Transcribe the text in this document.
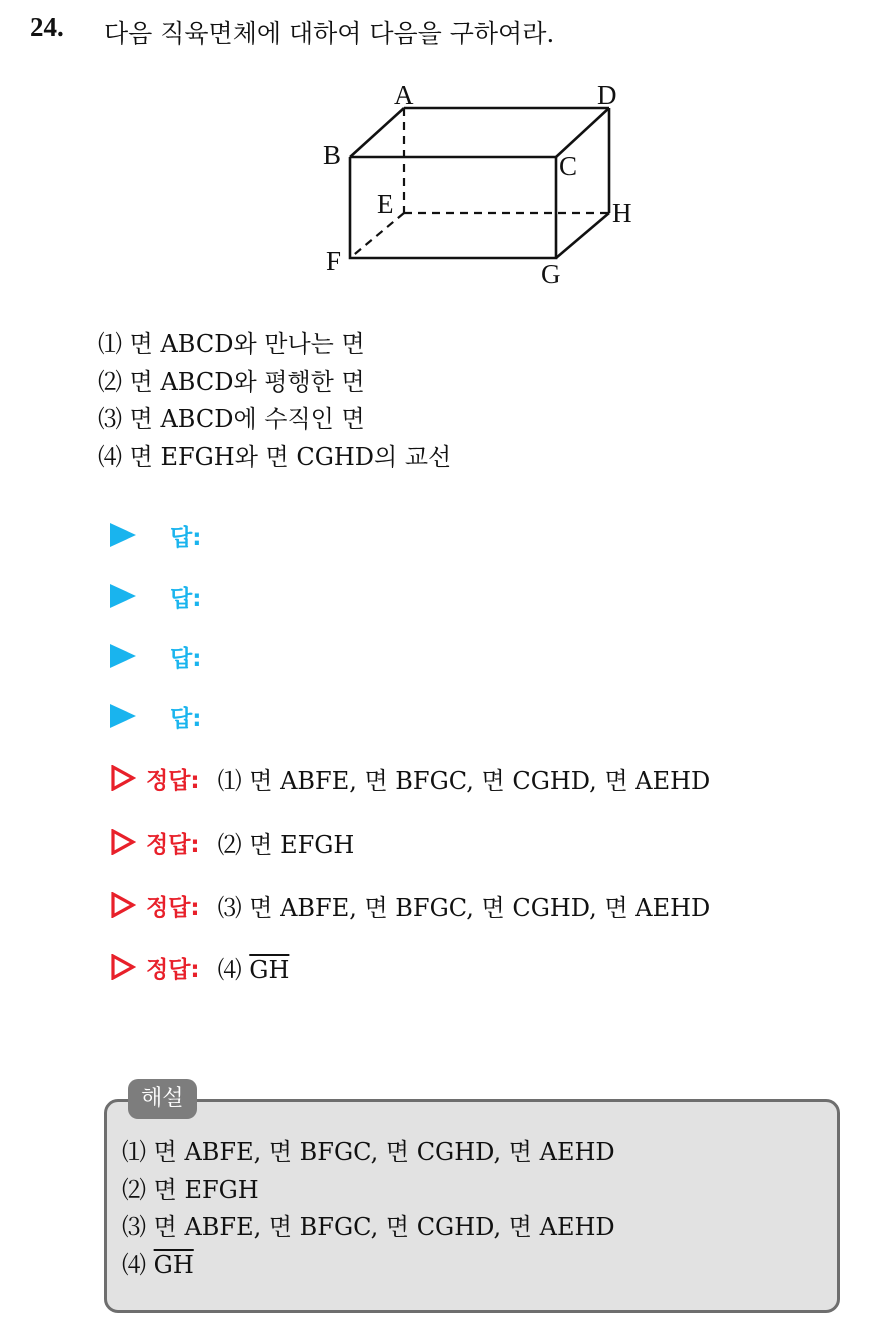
24. 다음 직육면체에 대하여 다음을 구하여라.
A	D
B	C
E	H
F	G
⑴ 면 ABCD와 만나는 면
⑵ 면 ABCD와 평행한 면
⑶ 면 ABCD에 수직인 면
⑷ 면 EFGH와 면 CGHD의 교선
답:
답:
답:
답:
정답: ⑴ 면 ABFE, 면 BFGC, 면 CGHD, 면 AEHD
정답: ⑵ 면 EFGH
정답: ⑶ 면 ABFE, 면 BFGC, 면 CGHD, 면 AEHD
정답: ⑷ $\overline{GH}$
해설
⑴ 면 ABFE, 면 BFGC, 면 CGHD, 면 AEHD
⑵ 면 EFGH
⑶ 면 ABFE, 면 BFGC, 면 CGHD, 면 AEHD
⑷ $\overline{GH}$
